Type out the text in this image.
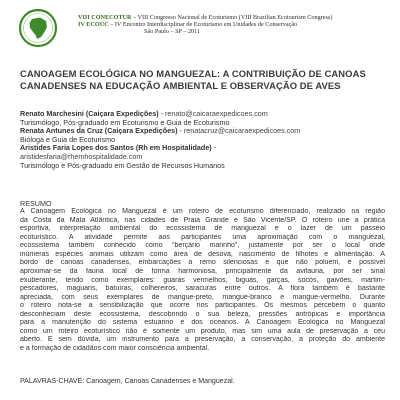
VIII CONECOTUR – VIII Congresso Nacional de Ecoturismo (VIII Brazilian Ecotourism Congress)
IV ECOUC – IV Encontro Interdisciplinar de Ecoturismo em Unidades de Conservação
São Paulo – SP – 2011
CANOAGEM ECOLÓGICA NO MANGUEZAL: A CONTRIBUIÇÃO DE CANOAS CANADENSES NA EDUCAÇÃO AMBIENTAL E OBSERVAÇÃO DE AVES
Renato Marchesini (Caiçara Expedições) - renato@caicaraexpedicoes.com
Turismólogo, Pós-graduado em Ecoturismo e Guia de Ecoturismo
Renata Antunes da Cruz (Caiçara Expedições) - renatacruz@caicaraexpedicoes.com
Bióloga e Guia de Ecoturismo
Aristides Faria Lopes dos Santos (Rh em Hospitalidade) -
aristidesfaria@rhemhospitalidade.com
Turismólogo e Pós-graduado em Gestão de Recursos Humanos
RESUMO
A Canoagem Ecológica no Manguezal é um roteiro de ecoturismo diferenciado, realizado na região
da Costa da Mata Atlântica, nas cidades de Praia Grande e São Vicente/SP. O roteiro une a prática
esportiva, interpretação ambiental do ecossistema de manguezal e o lazer de um passeio
ecoturístico. A atividade permite aos participantes uma aproximação com o manguezal,
ecossistema também conhecido como “berçário marinho”, justamente por ser o local onde
inúmeras espécies animais utilizam como área de desova, nascimento de filhotes e alimentação. A
bordo de canoas canadenses, embarcações a remo silenciosas e que não poluem, é possível
aproximar-se da fauna local de forma harmoniosa, principalmente da avifauna, por ser sinal
exuberante, tendo como exemplares: guarás vermelhos, biguás, garças, socós, gaivões, martim-
pescadores, maguaris, batuíras, colhereiros, saracuras entre outros. A flora também é bastante
apreciada, com seus exemplares de mangue-preto, mangue-branco e mangue-vermelho. Durante
o roteiro nota-se a sensibilização que ocorre nos participantes. Os mesmos percebem o quanto
desconheciam deste ecossistema, descobrindo o sua beleza, pressões antrópicas e importância
para a manutenção do sistema estuarino e dos oceanos. A Canoagem Ecológica no Manguezal
como um roteiro ecoturístico não é somente um produto, mas sim uma aula de preservação a céu
aberto. É sem dúvida, um instrumento para a preservação, a conservação, a proteção do ambiente
e a formação de cidadãos com maior consciência ambiental.
PALAVRAS-CHAVE: Canoagem, Canoas Canadenses e Manguezal.
